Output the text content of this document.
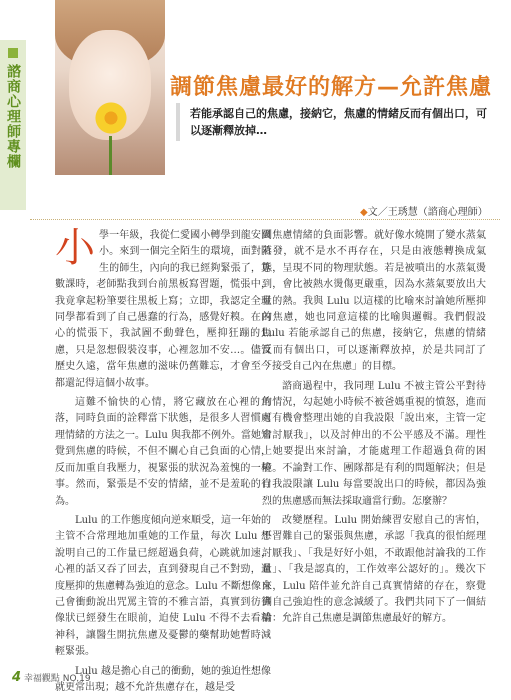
諮商心理師專欄	調節焦慮最好的解方—允許焦慮
若能承認自己的焦慮，接納它，焦慮的情緒反而有個出口，可以逐漸釋放掉…
◆文／王琇慧（諮商心理師）

小學一年級，我從仁愛國小轉學到龍安國小。來到一個完全陌生的環境，面對陌生的師生，內向的我已經夠緊張了，算數課時，老師點我到台前黑板寫習題，慌張中，我竟拿起粉筆要往黑板上寫；立即，我認定全班同學都看到了自己愚蠢的行為，感覺好糗。在內心的慌張下，我試圖不動聲色，壓抑狂蹦的焦慮，只是忽想假裝沒事，心裡忽加不安…。儘管歷史久遠，當年焦慮的滋味仍舊難忘，才會至今都還記得這個小故事。

這難不愉快的心情，將它藏放在心裡的角落，同時負面的詮釋當下狀態，是很多人習慣處理情緒的方法之一。Lulu 與我都不例外。當她知覺到焦慮的時候，不但不關心自己負面的心情，反而加重自我壓力，視緊張的狀況為羞愧的一樁事。然而，緊張是不安的情緒，並不是羞恥的行為。

Lulu 的工作態度傾向逆來順受，這一年始的主管不合常理地加重她的工作量，每次 Lulu 想說明自己的工作量已經超過負荷，心跳就加速，心裡的話又吞了回去，直到發現自己不對勁，過度壓抑的焦慮轉為強迫的意念。Lulu 不斷想像自己會衝動說出咒罵主管的不雅言語，真實到彷彿像狀已經發生在眼前，迫使 Lulu 不得不去看精神科，讓醫生開抗焦慮及憂鬱的藥幫助她暫時減輕緊張。

Lulu 越是擔心自己的衝動，她的強迫性想像就更常出現；越不允許焦慮存在，越是受

到焦慮情緒的負面影響。就好像水燒開了變水蒸氣蒸發，就不是水不再存在，只是由液態轉換成氣態，呈現不同的物理狀態。若是被噴出的水蒸氣燙到，會比被熱水燙傷更嚴重，因為水蒸氣要放出大量的熱。我與 Lulu 以這樣的比喻來討論她所壓抑的焦慮，她也同意這樣的比喻與邏輯。我們假設 Lulu 若能承認自己的焦慮，接納它，焦慮的情緒反而有個出口，可以逐漸釋放掉，於是共同訂了「接受自己內在焦慮」的目標。

諮商過程中，我同理 Lulu 不被主管公平對待的情況，勾起她小時候不被爸媽重視的憤怒，進而可有機會整理出她的自我設限「說出來，主管一定會討厭我」，以及討伸出的不公平感及不滿。理性上她要提出來討論，才能處理工作超過負荷的困境。不論對工作、團隊都是有利的問題解決；但是自我設限讓 Lulu 每當要說出口的時候，都因為強烈的焦慮感而無法採取適當行動。怎麼辦？

改變歷程。Lulu 開始練習安慰自己的害怕，不習難自己的緊張與焦慮，承認「我真的很怕經理討厭我」、「我是好好小姐，不敢跟他討論我的工作量」、「我是認真的，工作效率公認好的」。幾次下來，Lulu 陪伴並允許自己真實情緒的存在，察覺到自己強迫性的意念減緩了。我們共同下了一個結論：允許自己焦慮是調節焦慮最好的解方。

4 幸福觀點 NO.19
